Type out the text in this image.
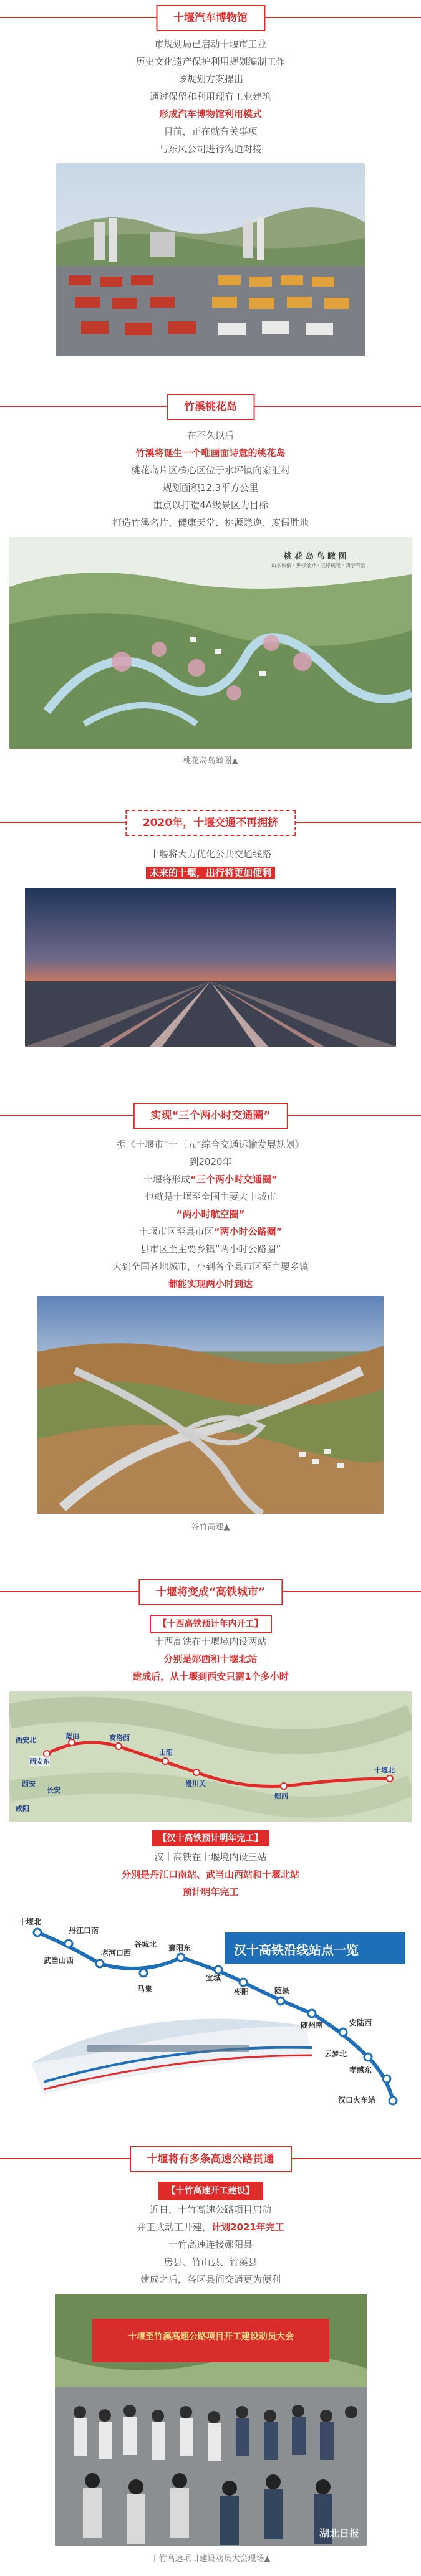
十堰汽车博物馆
市规划局已启动十堰市工业
历史文化遗产保护利用规划编制工作
该规划方案提出
通过保留和利用现有工业建筑
形成汽车博物馆利用模式
目前，正在就有关事项
与东风公司进行沟通对接
竹溪桃花岛
在不久以后
竹溪将诞生一个唯画面诗意的桃花岛
桃花岛片区核心区位于水坪镇向家汇村
规划面积12.3平方公里
重点以打造4A级景区为目标
打造竹溪名片、健康天堂、桃源隐逸、度假胜地
桃 花 岛 鸟 瞰 图
山水相依 · 步移景异 · 三岸桃花 · 四季有景
桃花岛鸟瞰图▲
2020年，十堰交通不再拥挤
十堰将大力优化公共交通线路
未来的十堰，出行将更加便利
实现“三个两小时交通圈”
据《十堰市“十三五”综合交通运输发展规划》
到2020年
十堰将形成“三个两小时交通圈”
也就是十堰至全国主要大中城市
“两小时航空圈”
十堰市区至县市区“两小时公路圈”
县市区至主要乡镇“两小时公路圈”
大到全国各地城市，小到各个县市区至主要乡镇
都能实现两小时到达
谷竹高速▲
十堰将变成“高铁城市”
【十西高铁预计年内开工】
十西高铁在十堰境内设两站
分别是郧西和十堰北站
建成后，从十堰到西安只需1个多小时
西安东
蓝田	商洛西
山阳
漫川关
郧西
十堰北
西安
长安
西安北
咸阳
【汉十高铁预计明年完工】
汉十高铁在十堰境内设三站
分别是丹江口南站、武当山西站和十堰北站
预计明年完工
汉十高铁沿线站点一览
十堰北
武当山西
丹江口南
谷城北 襄阳东
老河口西
宜城
马集	枣阳	随县
随州南	安陆西
云梦北
孝感东
汉口火车站
十堰将有多条高速公路贯通
【十竹高速开工建设】
近日，十竹高速公路项目启动
并正式动工开建，计划2021年完工
十竹高速连接郧阳县
房县、竹山县、竹溪县
建成之后，各区县间交通更为便利
十堰至竹溪高速公路项目开工建设动员大会
湖北日报
十竹高速项目建设动员大会现场▲
